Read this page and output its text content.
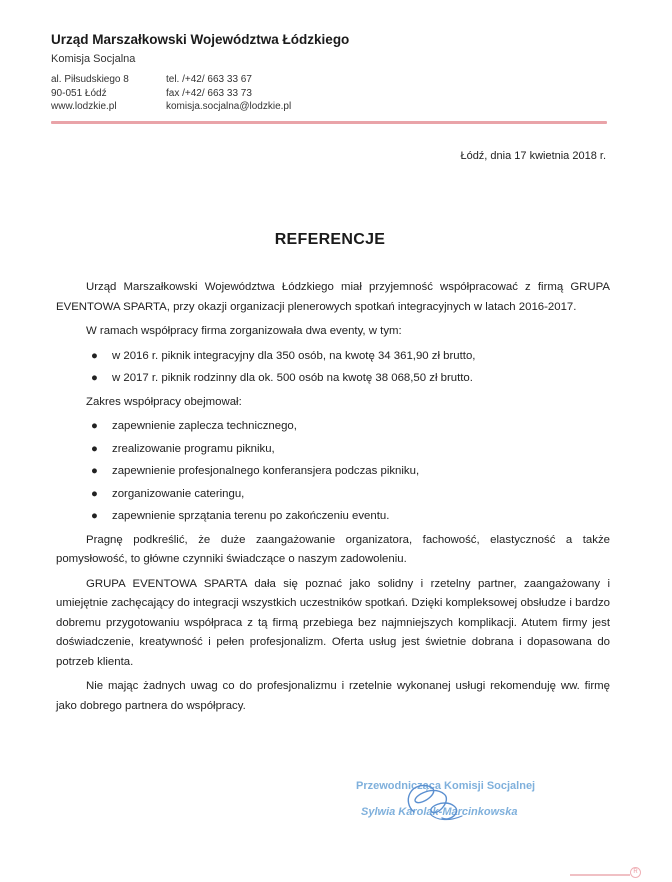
Urząd Marszałkowski Województwa Łódzkiego
Komisja Socjalna
al. Piłsudskiego 8
90-051 Łódź
www.lodzkie.pl
tel. /+42/ 663 33 67
fax /+42/ 663 33 73
komisja.socjalna@lodzkie.pl
Łódź, dnia 17 kwietnia 2018 r.
REFERENCJE

Urząd Marszałkowski Województwa Łódzkiego miał przyjemność współpracować z firmą GRUPA EVENTOWA SPARTA, przy okazji organizacji plenerowych spotkań integracyjnych w latach 2016-2017.

W ramach współpracy firma zorganizowała dwa eventy, w tym:

● w 2016 r. piknik integracyjny dla 350 osób, na kwotę 34 361,90 zł brutto,
● w 2017 r. piknik rodzinny dla ok. 500 osób na kwotę 38 068,50 zł brutto.

Zakres współpracy obejmował:

● zapewnienie zaplecza technicznego,
● zrealizowanie programu pikniku,
● zapewnienie profesjonalnego konferansjera podczas pikniku,
● zorganizowanie cateringu,
● zapewnienie sprzątania terenu po zakończeniu eventu.

Pragnę podkreślić, że duże zaangażowanie organizatora, fachowość, elastyczność a także pomysłowość, to główne czynniki świadczące o naszym zadowoleniu.

GRUPA EVENTOWA SPARTA dała się poznać jako solidny i rzetelny partner, zaangażowany i umiejętnie zachęcający do integracji wszystkich uczestników spotkań. Dzięki kompleksowej obsłudze i bardzo dobremu przygotowaniu współpraca z tą firmą przebiega bez najmniejszych komplikacji. Atutem firmy jest doświadczenie, kreatywność i pełen profesjonalizm. Oferta usług jest świetnie dobrana i dopasowana do potrzeb klienta.

Nie mając żadnych uwag co do profesjonalizmu i rzetelnie wykonanej usługi rekomenduję ww. firmę jako dobrego partnera do współpracy.

Przewodnicząca Komisji Socjalnej
Sylwia Karolak-Marcinkowska
R
